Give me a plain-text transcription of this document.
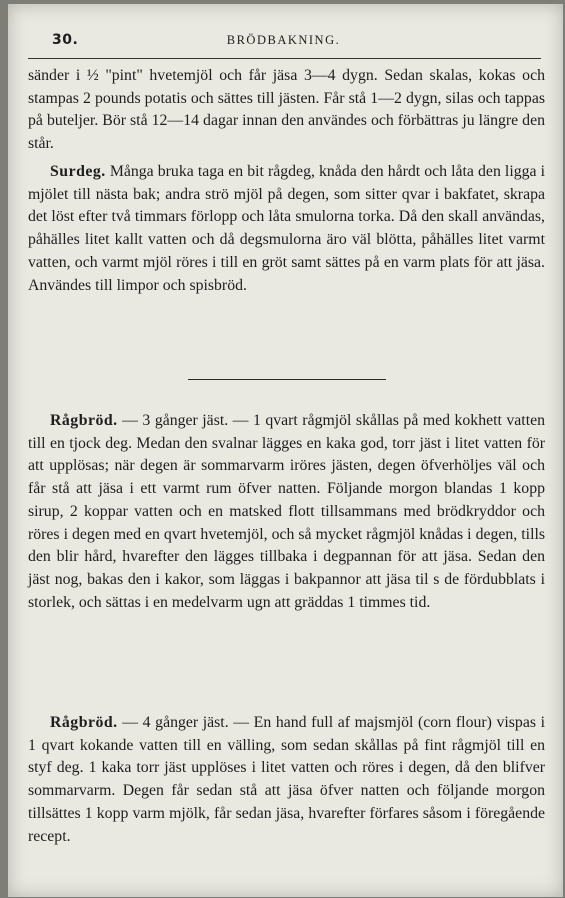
30.	BRÖDBAKNING.

sänder i ½ "pint" hvetemjöl och får jäsa 3—4 dygn. Sedan skalas, kokas och stampas 2 pounds potatis och sättes till jästen. Får stå 1—2 dygn, silas och tappas på buteljer. Bör stå 12—14 dagar innan den användes och förbättras ju längre den står.

Surdeg. Många bruka taga en bit rågdeg, knåda den hårdt och låta den ligga i mjölet till nästa bak; andra strö mjöl på degen, som sitter qvar i bakfatet, skrapa det löst efter två timmars förlopp och låta smulorna torka. Då den skall användas, påhälles litet kallt vatten och då degsmulorna äro väl blötta, påhälles litet varmt vatten, och varmt mjöl röres i till en gröt samt sättes på en varm plats för att jäsa. Användes till limpor och spisbröd.

Rågbröd. — 3 gånger jäst. — 1 qvart rågmjöl skållas på med kokhett vatten till en tjock deg. Medan den svalnar lägges en kaka god, torr jäst i litet vatten för att upplösas; när degen är sommarvarm iröres jästen, degen öfverhöljes väl och får stå att jäsa i ett varmt rum öfver natten. Följande morgon blandas 1 kopp sirup, 2 koppar vatten och en matsked flott tillsammans med brödkryddor och röres i degen med en qvart hvetemjöl, och så mycket rågmjöl knådas i degen, tills den blir hård, hvarefter den lägges tillbaka i degpannan för att jäsa. Sedan den jäst nog, bakas den i kakor, som läggas i bakpannor att jäsa til s de fördubblats i storlek, och sättas i en medelvarm ugn att gräddas 1 timmes tid.

Rågbröd. — 4 gånger jäst. — En hand full af majsmjöl (corn flour) vispas i 1 qvart kokande vatten till en välling, som sedan skållas på fint rågmjöl till en styf deg. 1 kaka torr jäst upplöses i litet vatten och röres i degen, då den blifver sommarvarm. Degen får sedan stå att jäsa öfver natten och följande morgon tillsättes 1 kopp varm mjölk, får sedan jäsa, hvarefter förfares såsom i föregående recept.
